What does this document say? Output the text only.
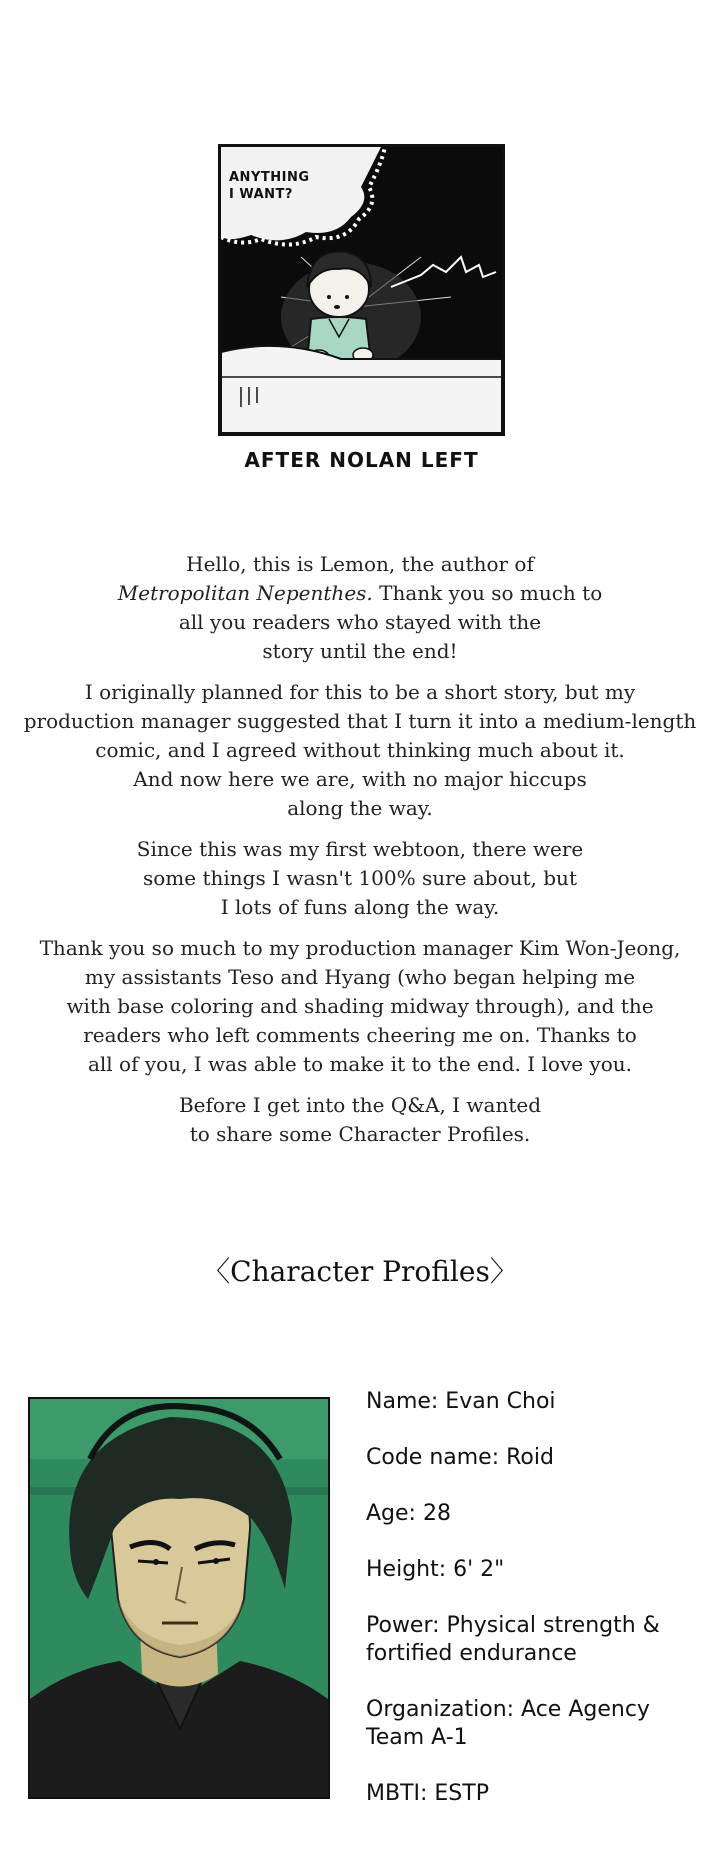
ANYTHING
I WANT?
AFTER NOLAN LEFT

Hello, this is Lemon, the author of
Metropolitan Nepenthes. Thank you so much to
all you readers who stayed with the
story until the end!

I originally planned for this to be a short story, but my
production manager suggested that I turn it into a medium-length
comic, and I agreed without thinking much about it.
And now here we are, with no major hiccups
along the way.

Since this was my first webtoon, there were
some things I wasn't 100% sure about, but
I lots of funs along the way.

Thank you so much to my production manager Kim Won-Jeong,
my assistants Teso and Hyang (who began helping me
with base coloring and shading midway through), and the
readers who left comments cheering me on. Thanks to
all of you, I was able to make it to the end. I love you.

Before I get into the Q&A, I wanted
to share some Character Profiles.

〈Character Profiles〉
Name: Evan Choi
Code name: Roid
Age: 28
Height: 6' 2"
Power: Physical strength &
fortified endurance
Organization: Ace Agency
Team A-1
MBTI: ESTP
